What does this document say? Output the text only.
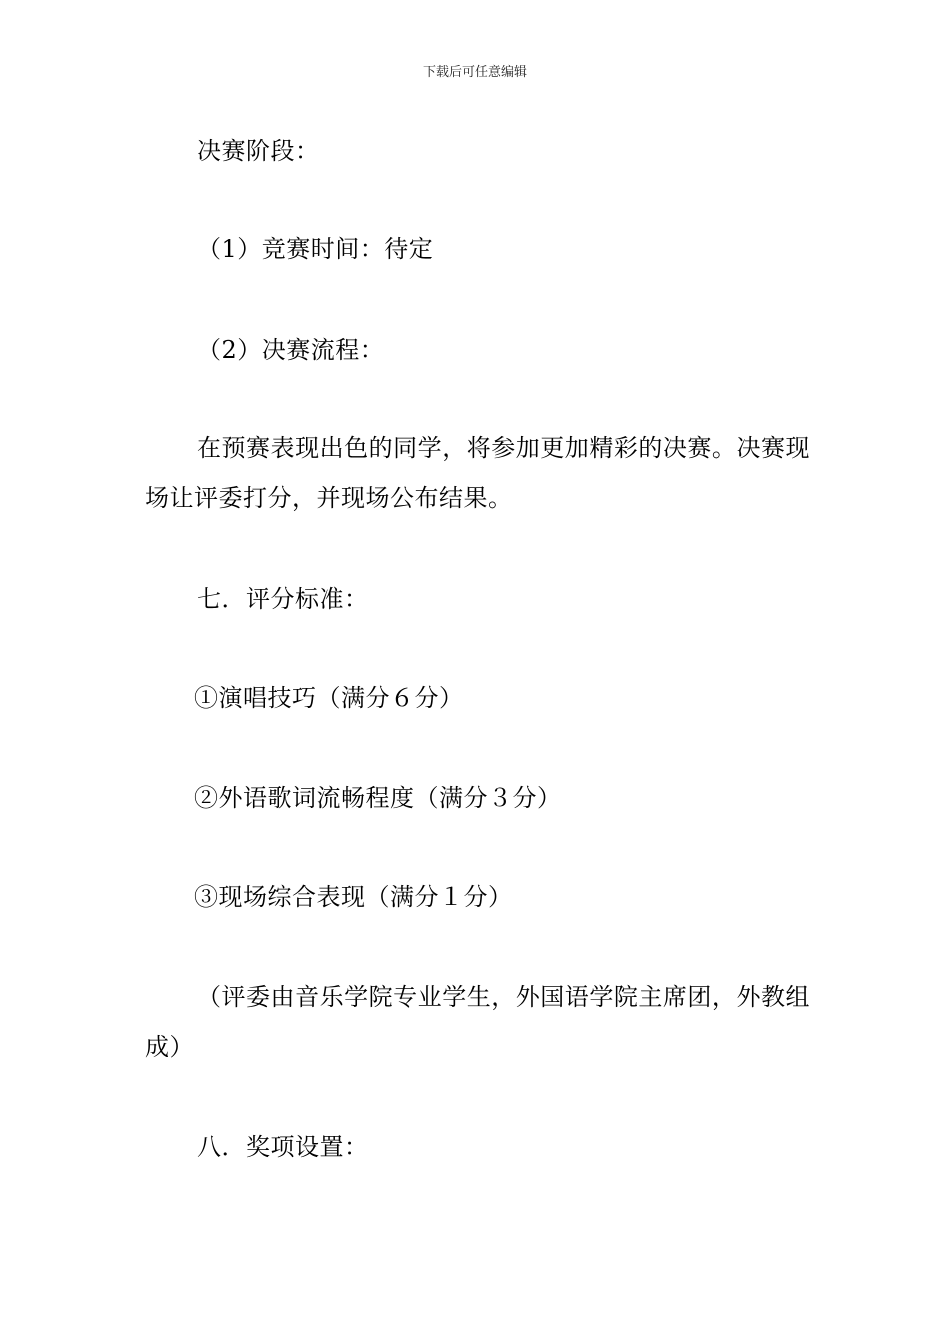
下载后可任意编辑
决赛阶段：
（1）竞赛时间：待定
（2）决赛流程：
在预赛表现出色的同学，将参加更加精彩的决赛。决赛现场让评委打分，并现场公布结果。
七．评分标准：
①演唱技巧（满分６分）
②外语歌词流畅程度（满分３分）
③现场综合表现（满分１分）
（评委由音乐学院专业学生，外国语学院主席团，外教组成）
八．奖项设置：
